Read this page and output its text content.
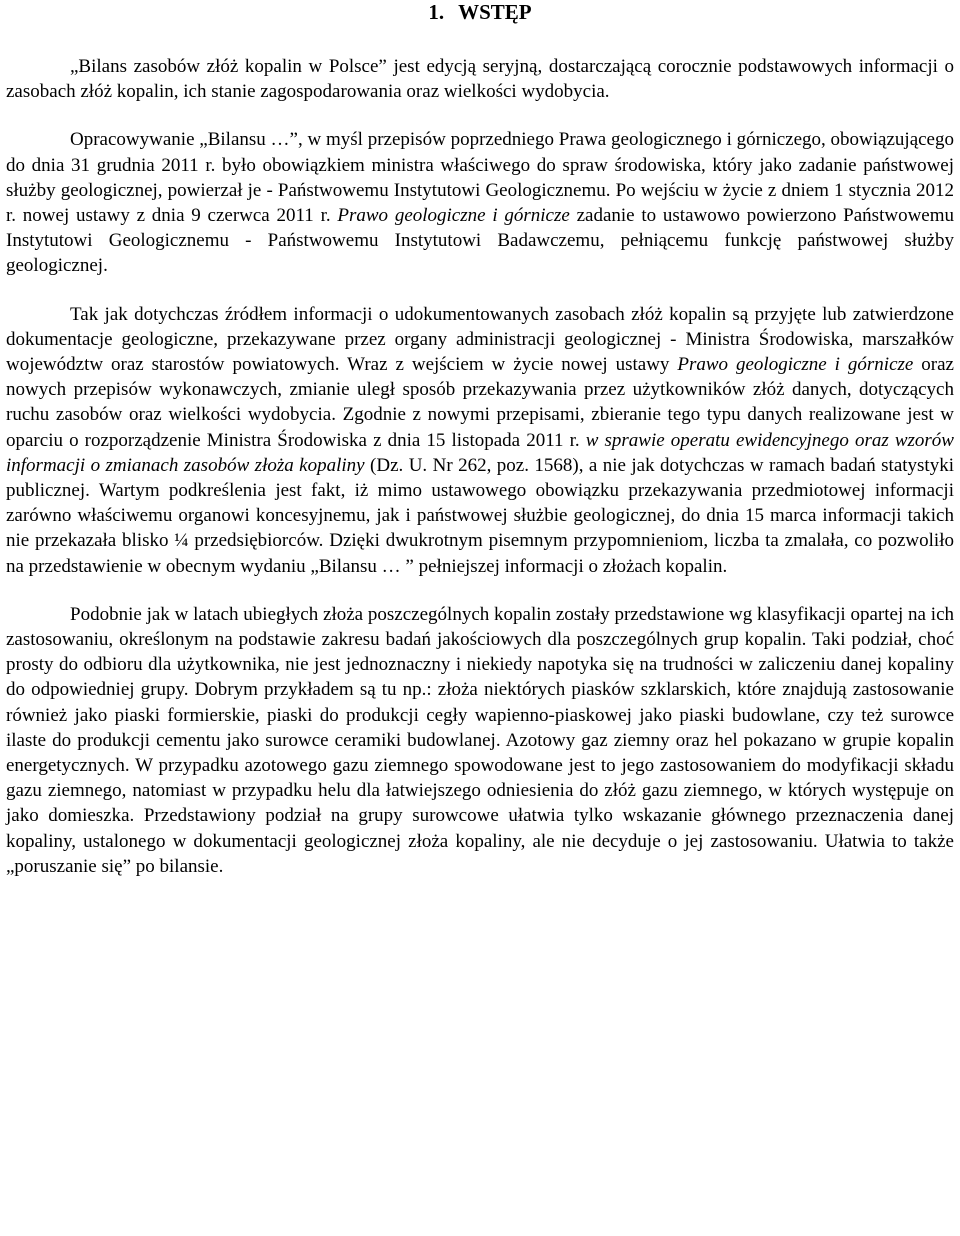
1. WSTĘP

„Bilans zasobów złóż kopalin w Polsce” jest edycją seryjną, dostarczającą corocznie podstawowych informacji o zasobach złóż kopalin, ich stanie zagospodarowania oraz wielkości wydobycia.

Opracowywanie „Bilansu …”, w myśl przepisów poprzedniego Prawa geologicznego i górniczego, obowiązującego do dnia 31 grudnia 2011 r. było obowiązkiem ministra właściwego do spraw środowiska, który jako zadanie państwowej służby geologicznej, powierzał je - Państwowemu Instytutowi Geologicznemu. Po wejściu w życie z dniem 1 stycznia 2012 r. nowej ustawy z dnia 9 czerwca 2011 r. Prawo geologiczne i górnicze zadanie to ustawowo powierzono Państwowemu Instytutowi Geologicznemu - Państwowemu Instytutowi Badawczemu, pełniącemu funkcję państwowej służby geologicznej.

Tak jak dotychczas źródłem informacji o udokumentowanych zasobach złóż kopalin są przyjęte lub zatwierdzone dokumentacje geologiczne, przekazywane przez organy administracji geologicznej - Ministra Środowiska, marszałków województw oraz starostów powiatowych. Wraz z wejściem w życie nowej ustawy Prawo geologiczne i górnicze oraz nowych przepisów wykonawczych, zmianie uległ sposób przekazywania przez użytkowników złóż danych, dotyczących ruchu zasobów oraz wielkości wydobycia. Zgodnie z nowymi przepisami, zbieranie tego typu danych realizowane jest w oparciu o rozporządzenie Ministra Środowiska z dnia 15 listopada 2011 r. w sprawie operatu ewidencyjnego oraz wzorów informacji o zmianach zasobów złoża kopaliny (Dz. U. Nr 262, poz. 1568), a nie jak dotychczas w ramach badań statystyki publicznej. Wartym podkreślenia jest fakt, iż mimo ustawowego obowiązku przekazywania przedmiotowej informacji zarówno właściwemu organowi koncesyjnemu, jak i państwowej służbie geologicznej, do dnia 15 marca informacji takich nie przekazała blisko ¼ przedsiębiorców. Dzięki dwukrotnym pisemnym przypomnieniom, liczba ta zmalała, co pozwoliło na przedstawienie w obecnym wydaniu „Bilansu … ” pełniejszej informacji o złożach kopalin.

Podobnie jak w latach ubiegłych złoża poszczególnych kopalin zostały przedstawione wg klasyfikacji opartej na ich zastosowaniu, określonym na podstawie zakresu badań jakościowych dla poszczególnych grup kopalin. Taki podział, choć prosty do odbioru dla użytkownika, nie jest jednoznaczny i niekiedy napotyka się na trudności w zaliczeniu danej kopaliny do odpowiedniej grupy. Dobrym przykładem są tu np.: złoża niektórych piasków szklarskich, które znajdują zastosowanie również jako piaski formierskie, piaski do produkcji cegły wapienno-piaskowej jako piaski budowlane, czy też surowce ilaste do produkcji cementu jako surowce ceramiki budowlanej. Azotowy gaz ziemny oraz hel pokazano w grupie kopalin energetycznych. W przypadku azotowego gazu ziemnego spowodowane jest to jego zastosowaniem do modyfikacji składu gazu ziemnego, natomiast w przypadku helu dla łatwiejszego odniesienia do złóż gazu ziemnego, w których występuje on jako domieszka. Przedstawiony podział na grupy surowcowe ułatwia tylko wskazanie głównego przeznaczenia danej kopaliny, ustalonego w dokumentacji geologicznej złoża kopaliny, ale nie decyduje o jej zastosowaniu. Ułatwia to także „poruszanie się” po bilansie.
